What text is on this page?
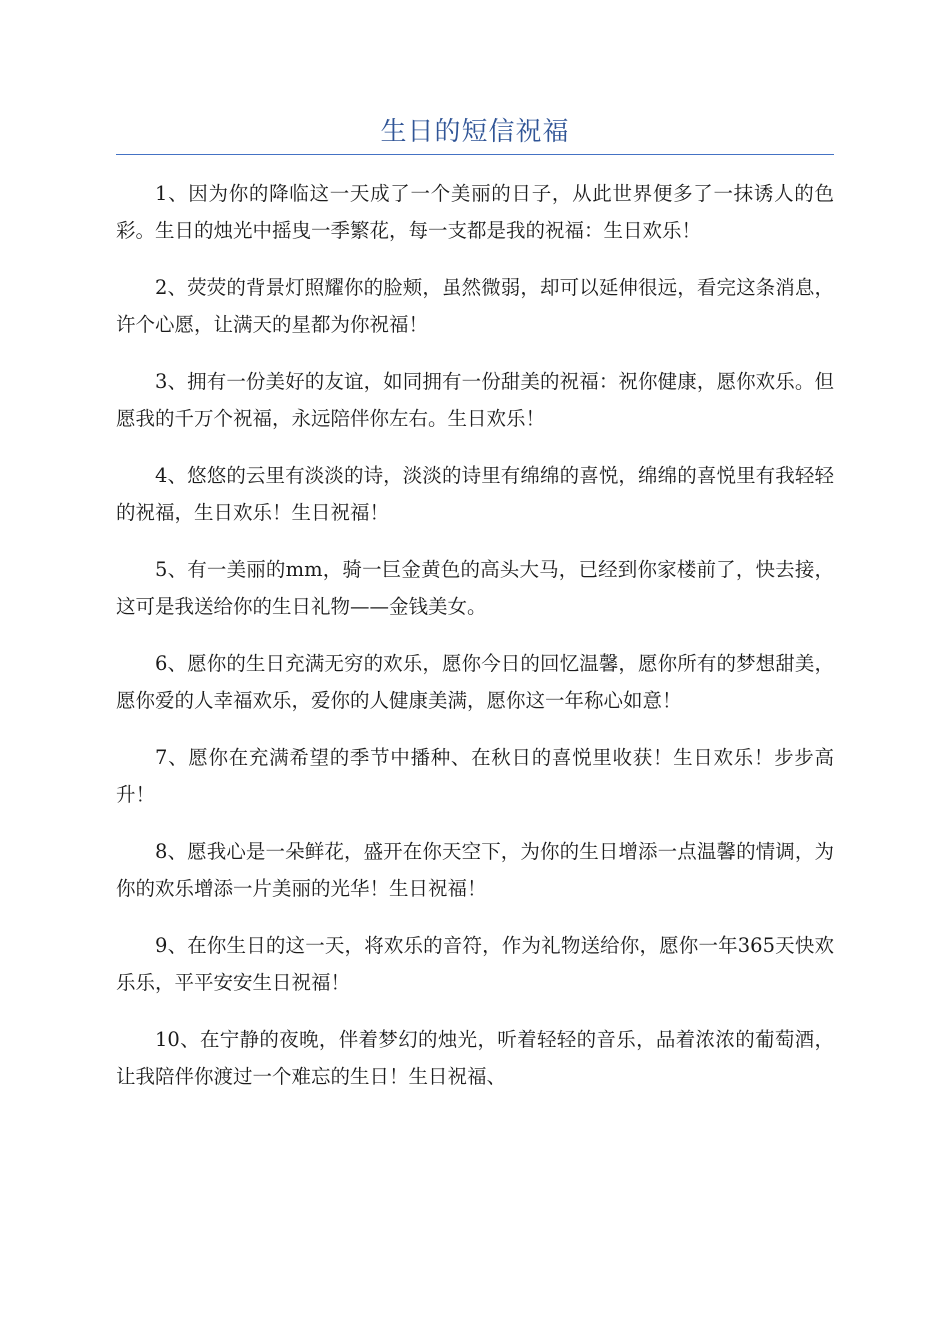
生日的短信祝福

1、因为你的降临这一天成了一个美丽的日子，从此世界便多了一抹诱人的色彩。生日的烛光中摇曳一季繁花，每一支都是我的祝福：生日欢乐！

2、荧荧的背景灯照耀你的脸颊，虽然微弱，却可以延伸很远，看完这条消息，许个心愿，让满天的星都为你祝福！

3、拥有一份美好的友谊，如同拥有一份甜美的祝福：祝你健康，愿你欢乐。但愿我的千万个祝福，永远陪伴你左右。生日欢乐！

4、悠悠的云里有淡淡的诗，淡淡的诗里有绵绵的喜悦，绵绵的喜悦里有我轻轻的祝福，生日欢乐！生日祝福！

5、有一美丽的mm，骑一巨金黄色的高头大马，已经到你家楼前了，快去接，这可是我送给你的生日礼物——金钱美女。

6、愿你的生日充满无穷的欢乐，愿你今日的回忆温馨，愿你所有的梦想甜美，愿你爱的人幸福欢乐，爱你的人健康美满，愿你这一年称心如意！

7、愿你在充满希望的季节中播种、在秋日的喜悦里收获！生日欢乐！步步高升！

8、愿我心是一朵鲜花，盛开在你天空下，为你的生日增添一点温馨的情调，为你的欢乐增添一片美丽的光华！生日祝福！

9、在你生日的这一天，将欢乐的音符，作为礼物送给你，愿你一年365天快欢乐乐，平平安安生日祝福！

10、在宁静的夜晚，伴着梦幻的烛光，听着轻轻的音乐，品着浓浓的葡萄酒，让我陪伴你渡过一个难忘的生日！生日祝福、
